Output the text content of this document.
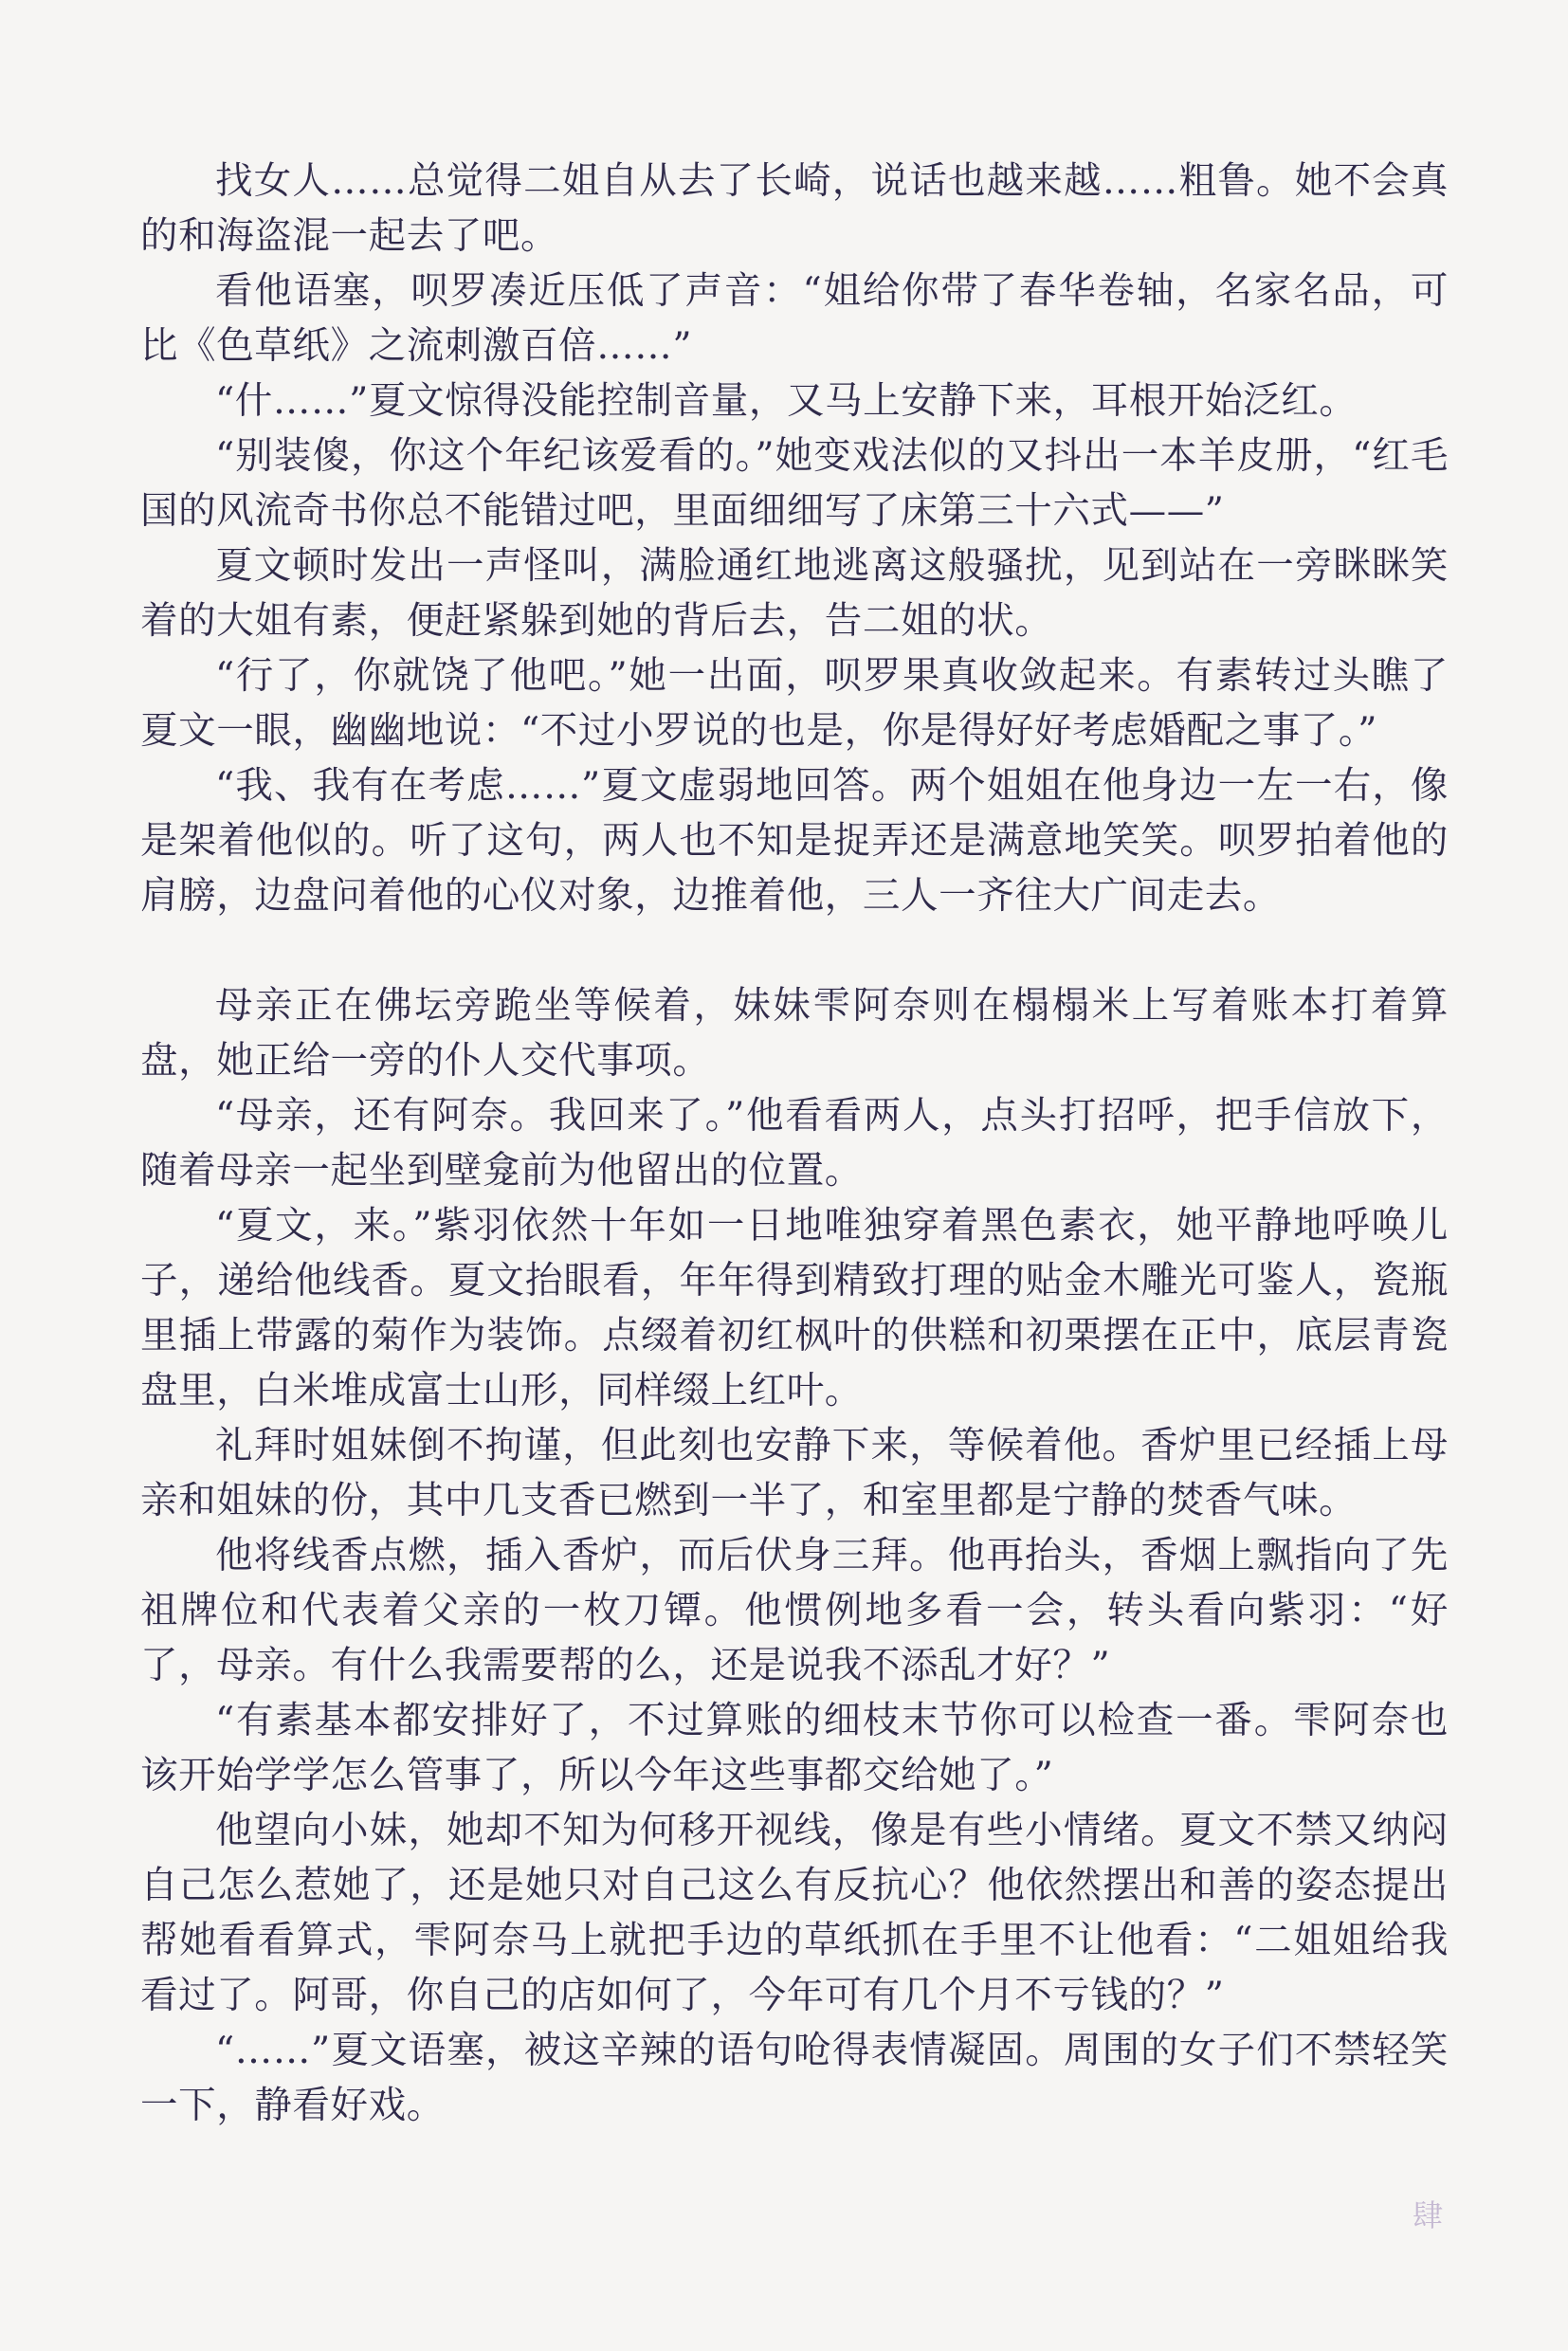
找女人……总觉得二姐自从去了长崎，说话也越来越……粗鲁。她不会真的和海盗混一起去了吧。

看他语塞，呗罗凑近压低了声音：“姐给你带了春华卷轴，名家名品，可比《色草纸》之流刺激百倍……”

“什……”夏文惊得没能控制音量，又马上安静下来，耳根开始泛红。

“别装傻，你这个年纪该爱看的。”她变戏法似的又抖出一本羊皮册，“红毛国的风流奇书你总不能错过吧，里面细细写了床第三十六式——”

夏文顿时发出一声怪叫，满脸通红地逃离这般骚扰，见到站在一旁眯眯笑着的大姐有素，便赶紧躲到她的背后去，告二姐的状。

“行了，你就饶了他吧。”她一出面，呗罗果真收敛起来。有素转过头瞧了夏文一眼，幽幽地说：“不过小罗说的也是，你是得好好考虑婚配之事了。”

“我、我有在考虑……”夏文虚弱地回答。两个姐姐在他身边一左一右，像是架着他似的。听了这句，两人也不知是捉弄还是满意地笑笑。呗罗拍着他的肩膀，边盘问着他的心仪对象，边推着他，三人一齐往大广间走去。

母亲正在佛坛旁跪坐等候着，妹妹雫阿奈则在榻榻米上写着账本打着算盘，她正给一旁的仆人交代事项。

“母亲，还有阿奈。我回来了。”他看看两人，点头打招呼，把手信放下，随着母亲一起坐到壁龛前为他留出的位置。

“夏文，来。”紫羽依然十年如一日地唯独穿着黑色素衣，她平静地呼唤儿子，递给他线香。夏文抬眼看，年年得到精致打理的贴金木雕光可鉴人，瓷瓶里插上带露的菊作为装饰。点缀着初红枫叶的供糕和初栗摆在正中，底层青瓷盘里，白米堆成富士山形，同样缀上红叶。

礼拜时姐妹倒不拘谨，但此刻也安静下来，等候着他。香炉里已经插上母亲和姐妹的份，其中几支香已燃到一半了，和室里都是宁静的焚香气味。

他将线香点燃，插入香炉，而后伏身三拜。他再抬头，香烟上飘指向了先祖牌位和代表着父亲的一枚刀镡。他惯例地多看一会，转头看向紫羽：“好了，母亲。有什么我需要帮的么，还是说我不添乱才好？”

“有素基本都安排好了，不过算账的细枝末节你可以检查一番。雫阿奈也该开始学学怎么管事了，所以今年这些事都交给她了。”

他望向小妹，她却不知为何移开视线，像是有些小情绪。夏文不禁又纳闷自己怎么惹她了，还是她只对自己这么有反抗心？他依然摆出和善的姿态提出帮她看看算式，雫阿奈马上就把手边的草纸抓在手里不让他看：“二姐姐给我看过了。阿哥，你自己的店如何了，今年可有几个月不亏钱的？”

“……”夏文语塞，被这辛辣的语句呛得表情凝固。周围的女子们不禁轻笑一下，静看好戏。

肆
